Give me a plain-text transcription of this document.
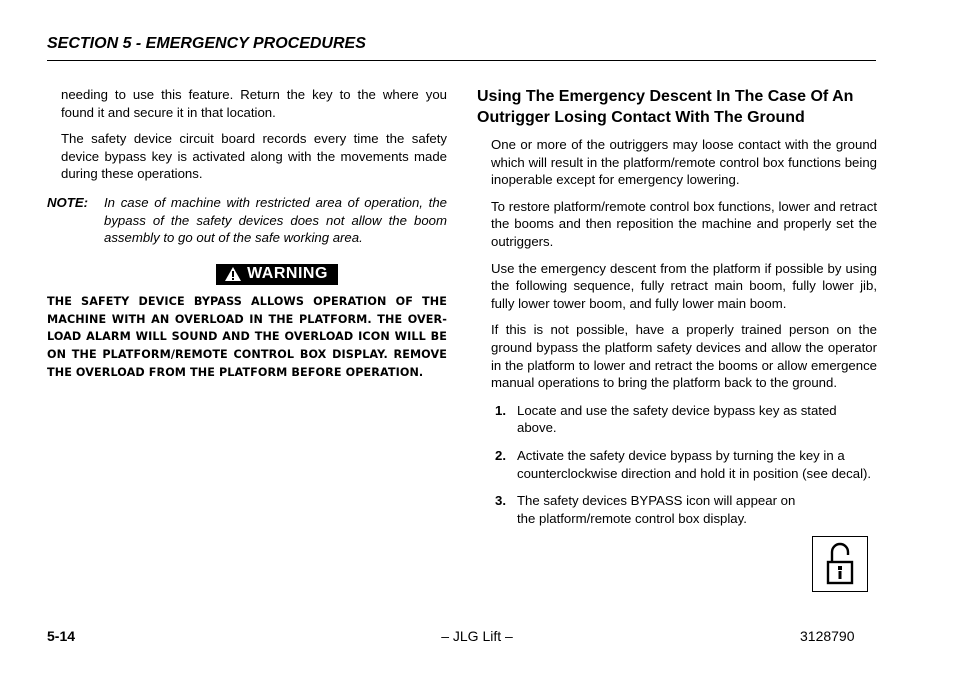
SECTION 5 - EMERGENCY PROCEDURES

needing to use this feature. Return the key to the where you found it and secure it in that location.

The safety device circuit board records every time the safety device bypass key is activated along with the movements made during these operations.

NOTE:	In case of machine with restricted area of operation, the bypass of the safety devices does not allow the boom assembly to go out of the safe working area.
WARNING

THE SAFETY DEVICE BYPASS ALLOWS OPERATION OF THE MACHINE WITH AN OVERLOAD IN THE PLATFORM. THE OVER-LOAD ALARM WILL SOUND AND THE OVERLOAD ICON WILL BE ON THE PLATFORM/REMOTE CONTROL BOX DISPLAY. REMOVE THE OVERLOAD FROM THE PLATFORM BEFORE OPERATION.

Using The Emergency Descent In The Case Of An Outrigger Losing Contact With The Ground

One or more of the outriggers may loose contact with the ground which will result in the platform/remote control box functions being inoperable except for emergency lowering.

To restore platform/remote control box functions, lower and retract the booms and then reposition the machine and properly set the outriggers.

Use the emergency descent from the platform if possible by using the following sequence, fully retract main boom, fully lower jib, fully lower tower boom, and fully lower main boom.

If this is not possible, have a properly trained person on the ground bypass the platform safety devices and allow the operator in the platform to lower and retract the booms or allow emergence manual operations to bring the platform back to the ground.

1. Locate and use the safety device bypass key as stated above.
2. Activate the safety device bypass by turning the key in a counterclockwise direction and hold it in position (see decal).
3. The safety devices BYPASS icon will appear on the platform/remote control box display.
5-14	– JLG Lift –	3128790
